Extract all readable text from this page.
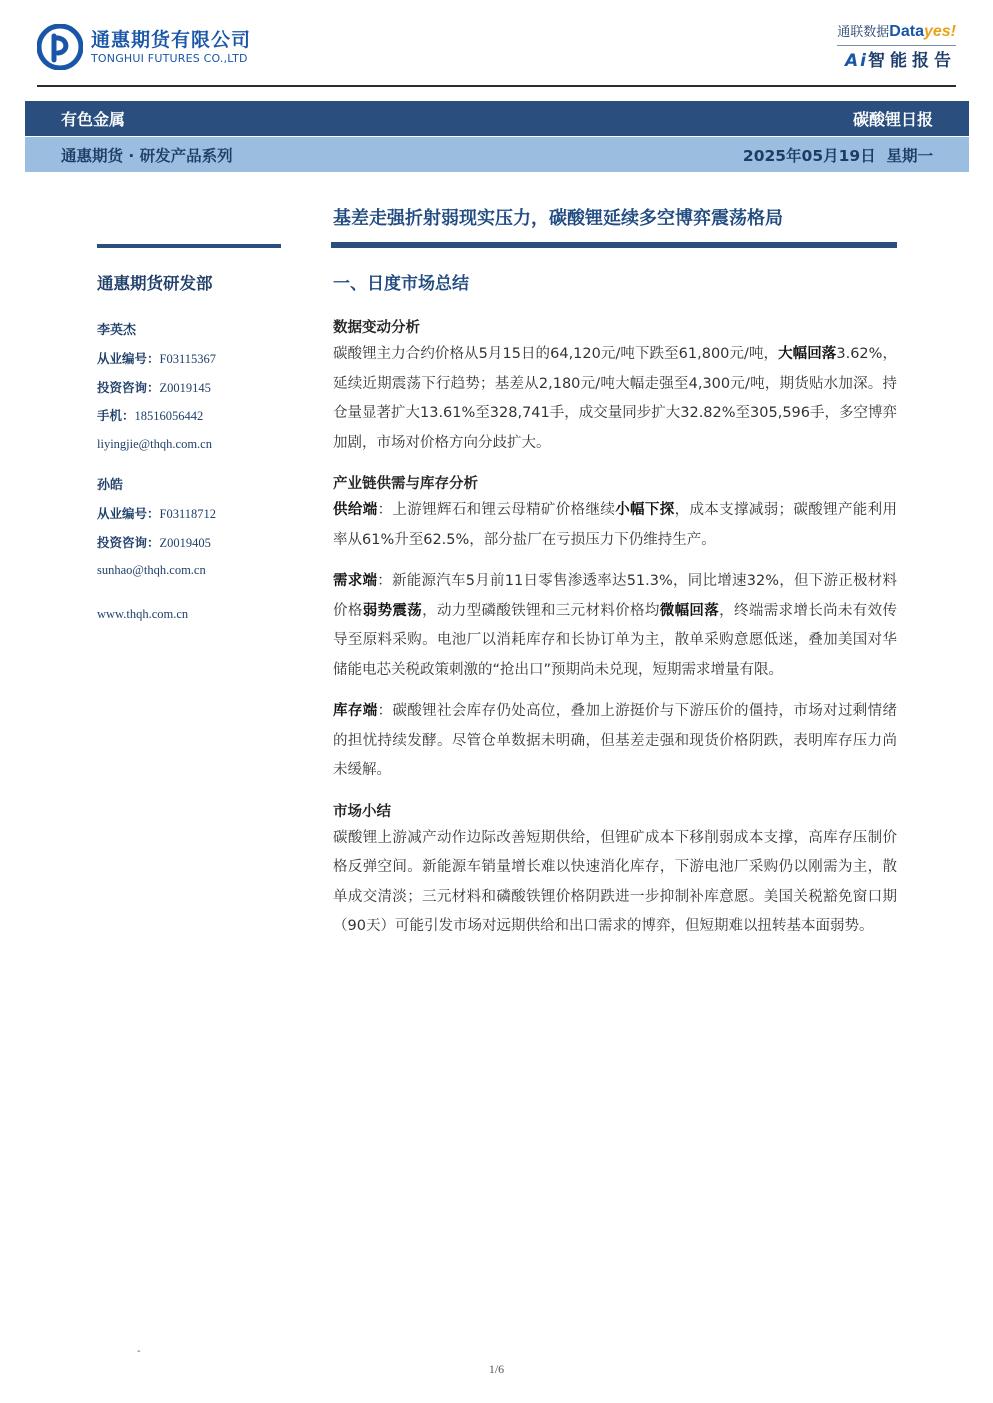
通惠期货有限公司
TONGHUI FUTURES CO.,LTD
通联数据Datayes!
Ai智能报告
有色金属	碳酸锂日报
通惠期货 · 研发产品系列	2025年05月19日  星期一
基差走强折射弱现实压力，碳酸锂延续多空博弈震荡格局
通惠期货研发部
李英杰
从业编号：F03115367
投资咨询：Z0019145
手机：18516056442
liyingjie@thqh.com.cn
孙皓
从业编号：F03118712
投资咨询：Z0019405
sunhao@thqh.com.cn
www.thqh.com.cn
一、日度市场总结
数据变动分析
碳酸锂主力合约价格从5月15日的64,120元/吨下跌至61,800元/吨，大幅回落3.62%，延续近期震荡下行趋势；基差从2,180元/吨大幅走强至4,300元/吨，期货贴水加深。持仓量显著扩大13.61%至328,741手，成交量同步扩大32.82%至305,596手，多空博弈加剧，市场对价格方向分歧扩大。
产业链供需与库存分析
供给端：上游锂辉石和锂云母精矿价格继续小幅下探，成本支撑减弱；碳酸锂产能利用率从61%升至62.5%，部分盐厂在亏损压力下仍维持生产。
需求端：新能源汽车5月前11日零售渗透率达51.3%，同比增速32%，但下游正极材料价格弱势震荡，动力型磷酸铁锂和三元材料价格均微幅回落，终端需求增长尚未有效传导至原料采购。电池厂以消耗库存和长协订单为主，散单采购意愿低迷，叠加美国对华储能电芯关税政策刺激的“抢出口”预期尚未兑现，短期需求增量有限。
库存端：碳酸锂社会库存仍处高位，叠加上游挺价与下游压价的僵持，市场对过剩情绪的担忧持续发酵。尽管仓单数据未明确，但基差走强和现货价格阴跌，表明库存压力尚未缓解。
市场小结
碳酸锂上游减产动作边际改善短期供给，但锂矿成本下移削弱成本支撑，高库存压制价格反弹空间。新能源车销量增长难以快速消化库存，下游电池厂采购仍以刚需为主，散单成交清淡；三元材料和磷酸铁锂价格阴跌进一步抑制补库意愿。美国关税豁免窗口期（90天）可能引发市场对远期供给和出口需求的博弈，但短期难以扭转基本面弱势。
-
1/6
